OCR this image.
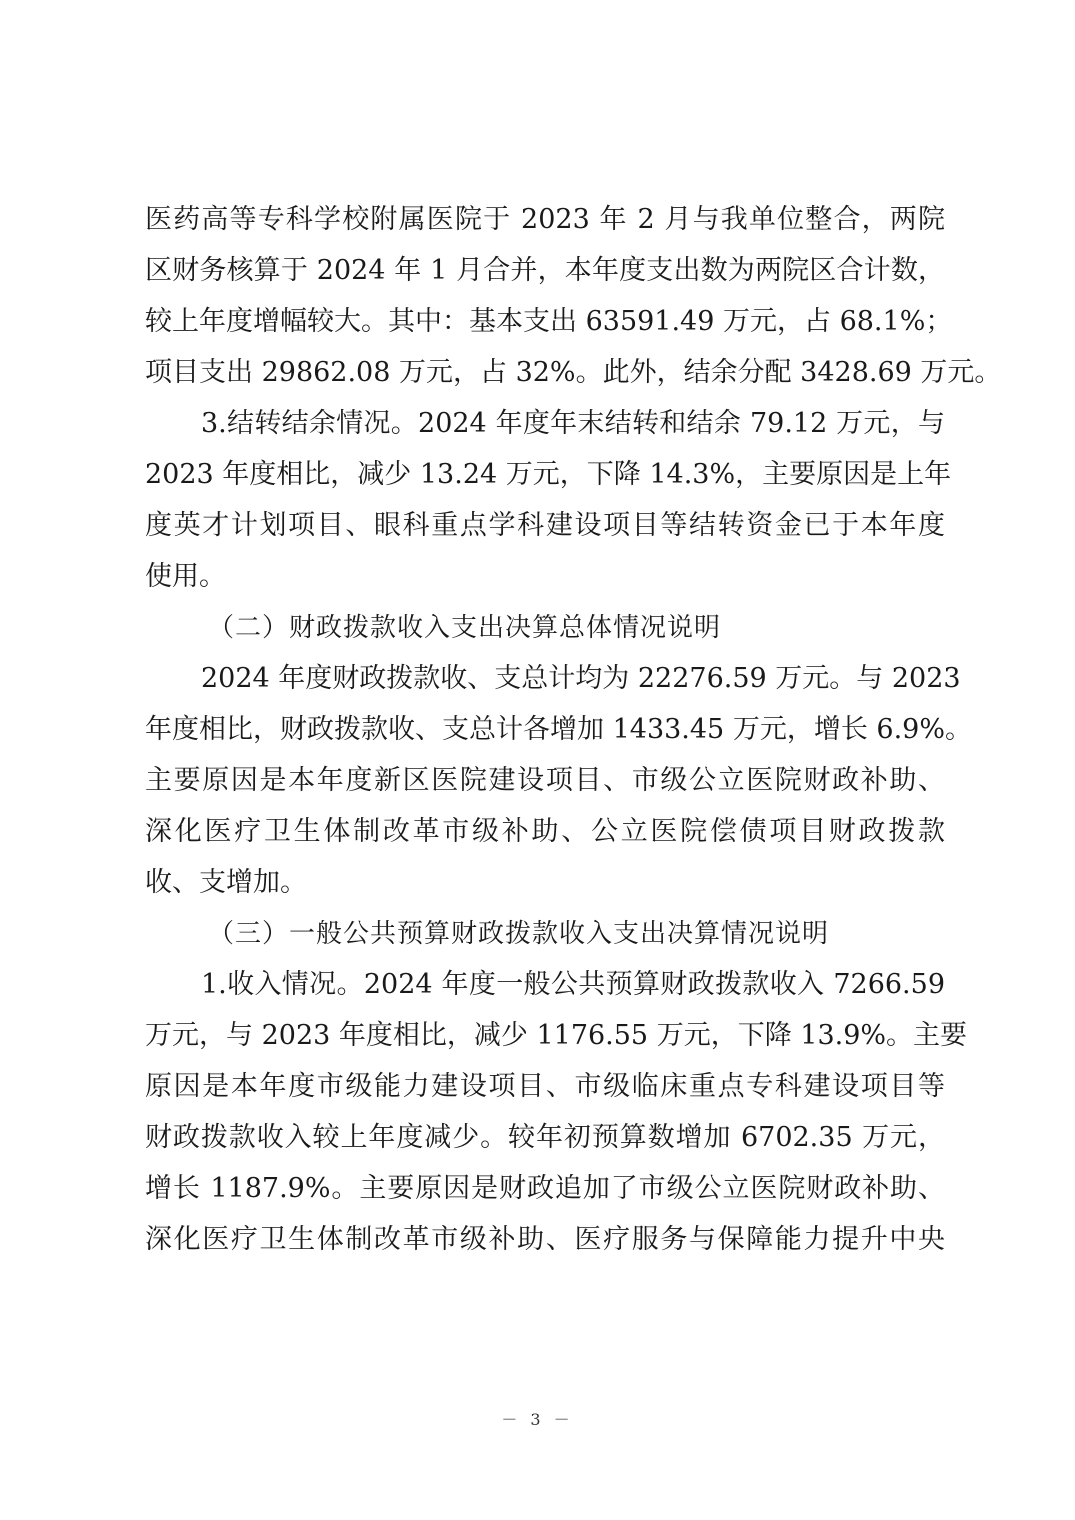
医药高等专科学校附属医院于 2023 年 2 月与我单位整合，两院
区财务核算于 2024 年 1 月合并，本年度支出数为两院区合计数，
较上年度增幅较大。其中：基本支出 63591.49 万元，占 68.1%；
项目支出 29862.08 万元，占 32%。此外，结余分配 3428.69 万元。
3.结转结余情况。2024 年度年末结转和结余 79.12 万元，与
2023 年度相比，减少 13.24 万元，下降 14.3%，主要原因是上年
度英才计划项目、眼科重点学科建设项目等结转资金已于本年度
使用。
（二）财政拨款收入支出决算总体情况说明
2024 年度财政拨款收、支总计均为 22276.59 万元。与 2023
年度相比，财政拨款收、支总计各增加 1433.45 万元，增长 6.9%。
主要原因是本年度新区医院建设项目、市级公立医院财政补助、
深化医疗卫生体制改革市级补助、公立医院偿债项目财政拨款
收、支增加。
（三）一般公共预算财政拨款收入支出决算情况说明
1.收入情况。2024 年度一般公共预算财政拨款收入 7266.59
万元，与 2023 年度相比，减少 1176.55 万元，下降 13.9%。主要
原因是本年度市级能力建设项目、市级临床重点专科建设项目等
财政拨款收入较上年度减少。较年初预算数增加 6702.35 万元，
增长 1187.9%。主要原因是财政追加了市级公立医院财政补助、
深化医疗卫生体制改革市级补助、医疗服务与保障能力提升中央
－ 3 －
